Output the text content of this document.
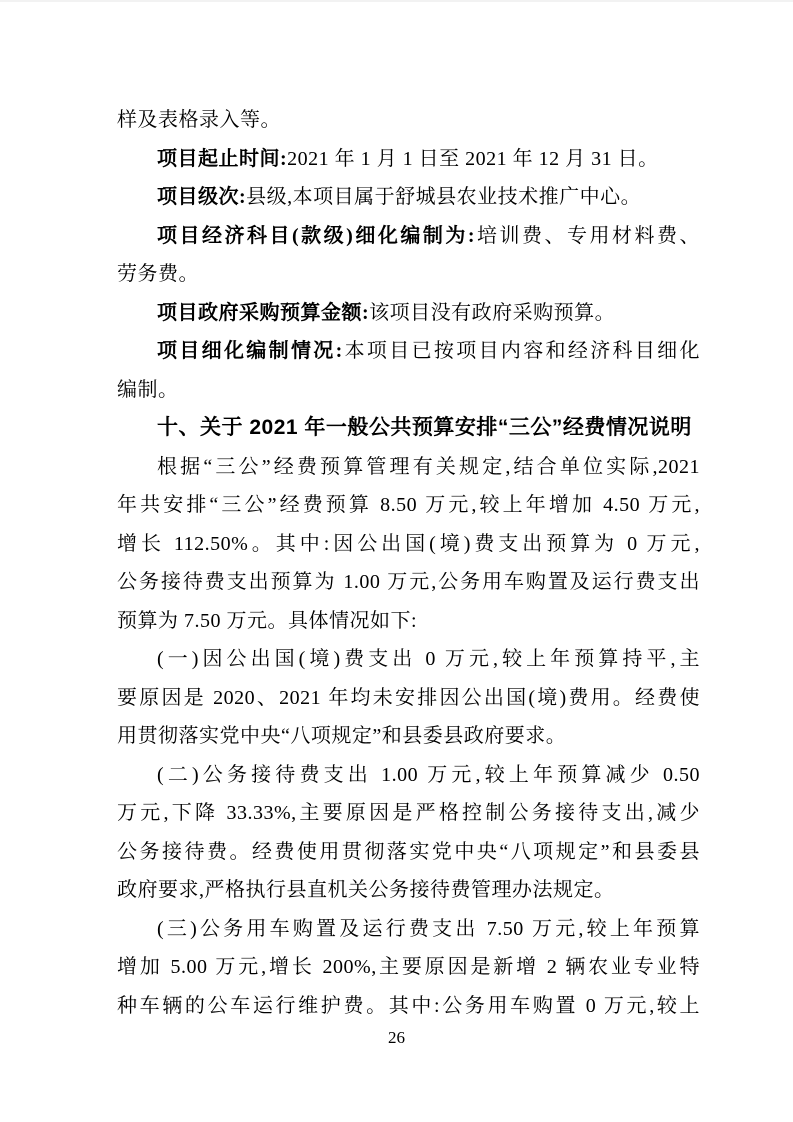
样及表格录入等。
项目起止时间:2021 年 1 月 1 日至 2021 年 12 月 31 日。
项目级次:县级,本项目属于舒城县农业技术推广中心。
项目经济科目(款级)细化编制为:培训费、专用材料费、
劳务费。
项目政府采购预算金额:该项目没有政府采购预算。
项目细化编制情况:本项目已按项目内容和经济科目细化
编制。
十、关于 2021 年一般公共预算安排“三公”经费情况说明
根据“三公”经费预算管理有关规定,结合单位实际,2021
年共安排“三公”经费预算 8.50 万元,较上年增加 4.50 万元,
增长 112.50%。其中:因公出国(境)费支出预算为 0 万元,
公务接待费支出预算为 1.00 万元,公务用车购置及运行费支出
预算为 7.50 万元。具体情况如下:
(一)因公出国(境)费支出 0 万元,较上年预算持平,主
要原因是 2020、2021 年均未安排因公出国(境)费用。经费使
用贯彻落实党中央“八项规定”和县委县政府要求。
(二)公务接待费支出 1.00 万元,较上年预算减少 0.50
万元,下降 33.33%,主要原因是严格控制公务接待支出,减少
公务接待费。经费使用贯彻落实党中央“八项规定”和县委县
政府要求,严格执行县直机关公务接待费管理办法规定。
(三)公务用车购置及运行费支出 7.50 万元,较上年预算
增加 5.00 万元,增长 200%,主要原因是新增 2 辆农业专业特
种车辆的公车运行维护费。其中:公务用车购置 0 万元,较上
26
